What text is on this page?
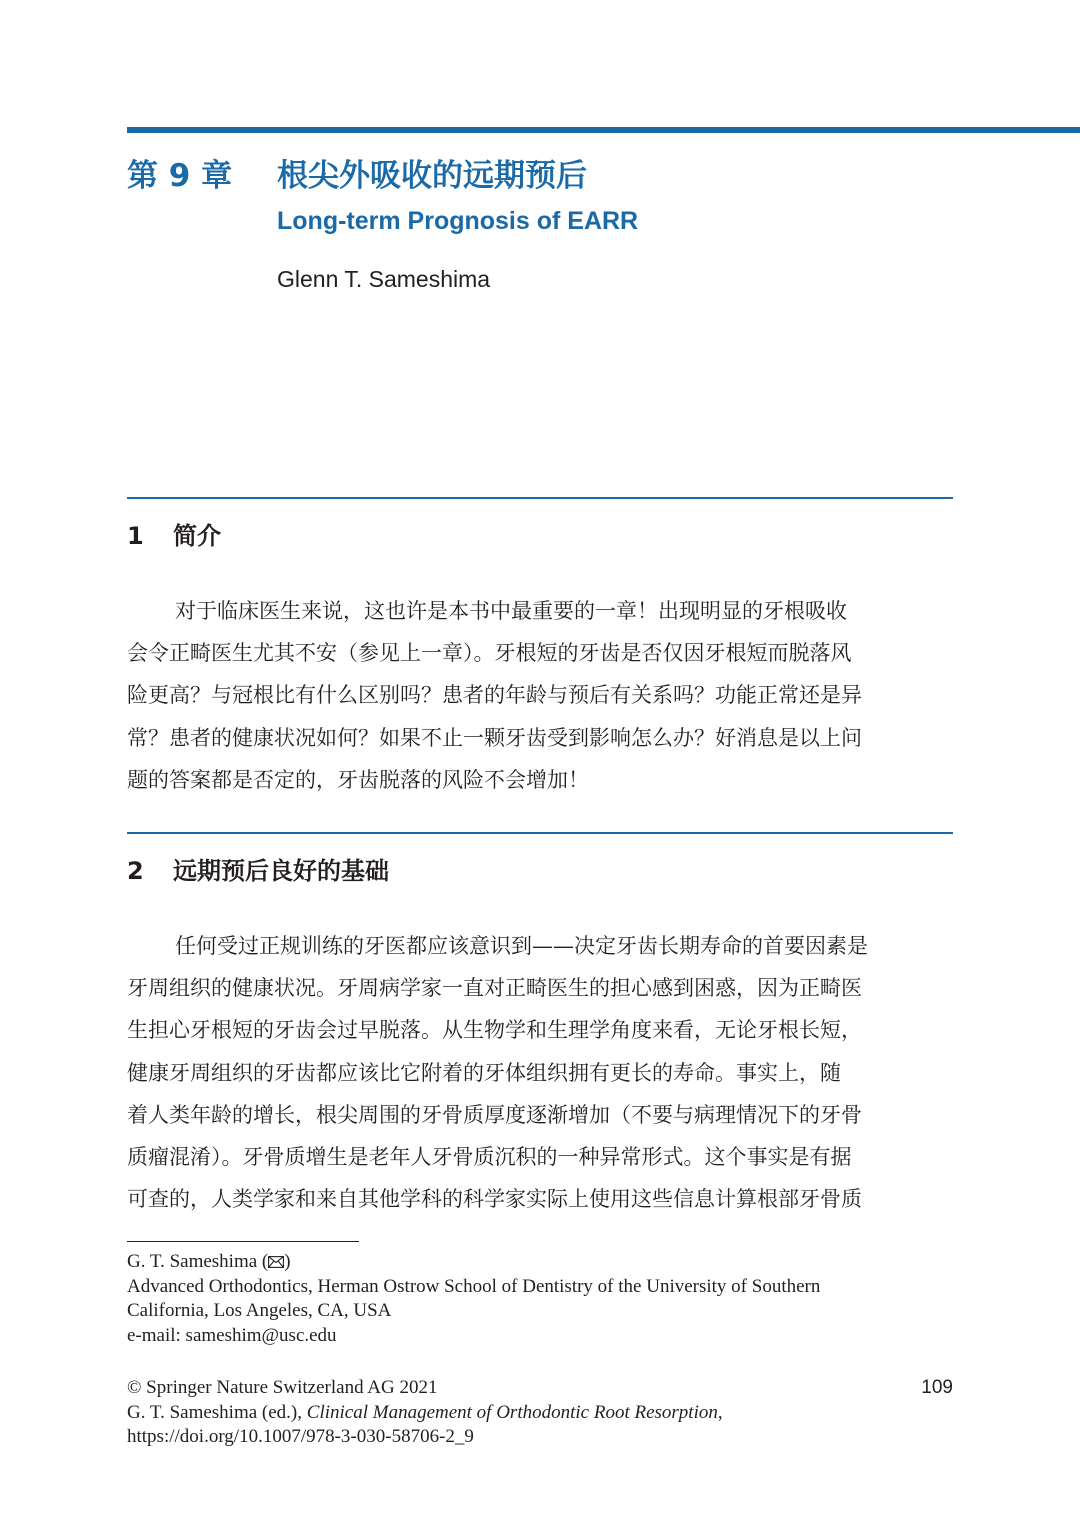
第 9 章 根尖外吸收的远期预后
Long-term Prognosis of EARR
Glenn T. Sameshima
1 简介
对于临床医生来说，这也许是本书中最重要的一章！出现明显的牙根吸收
会令正畸医生尤其不安（参见上一章）。牙根短的牙齿是否仅因牙根短而脱落风
险更高？与冠根比有什么区别吗？患者的年龄与预后有关系吗？功能正常还是异
常？患者的健康状况如何？如果不止一颗牙齿受到影响怎么办？好消息是以上问
题的答案都是否定的，牙齿脱落的风险不会增加！
2 远期预后良好的基础
任何受过正规训练的牙医都应该意识到——决定牙齿长期寿命的首要因素是
牙周组织的健康状况。牙周病学家一直对正畸医生的担心感到困惑，因为正畸医
生担心牙根短的牙齿会过早脱落。从生物学和生理学角度来看，无论牙根长短，
健康牙周组织的牙齿都应该比它附着的牙体组织拥有更长的寿命。事实上，随
着人类年龄的增长，根尖周围的牙骨质厚度逐渐增加（不要与病理情况下的牙骨
质瘤混淆）。牙骨质增生是老年人牙骨质沉积的一种异常形式。这个事实是有据
可查的，人类学家和来自其他学科的科学家实际上使用这些信息计算根部牙骨质
G. T. Sameshima ( )
Advanced Orthodontics, Herman Ostrow School of Dentistry of the University of Southern
California, Los Angeles, CA, USA
e-mail: sameshim@usc.edu
© Springer Nature Switzerland AG 2021
G. T. Sameshima (ed.), Clinical Management of Orthodontic Root Resorption,
https://doi.org/10.1007/978-3-030-58706-2_9
109
